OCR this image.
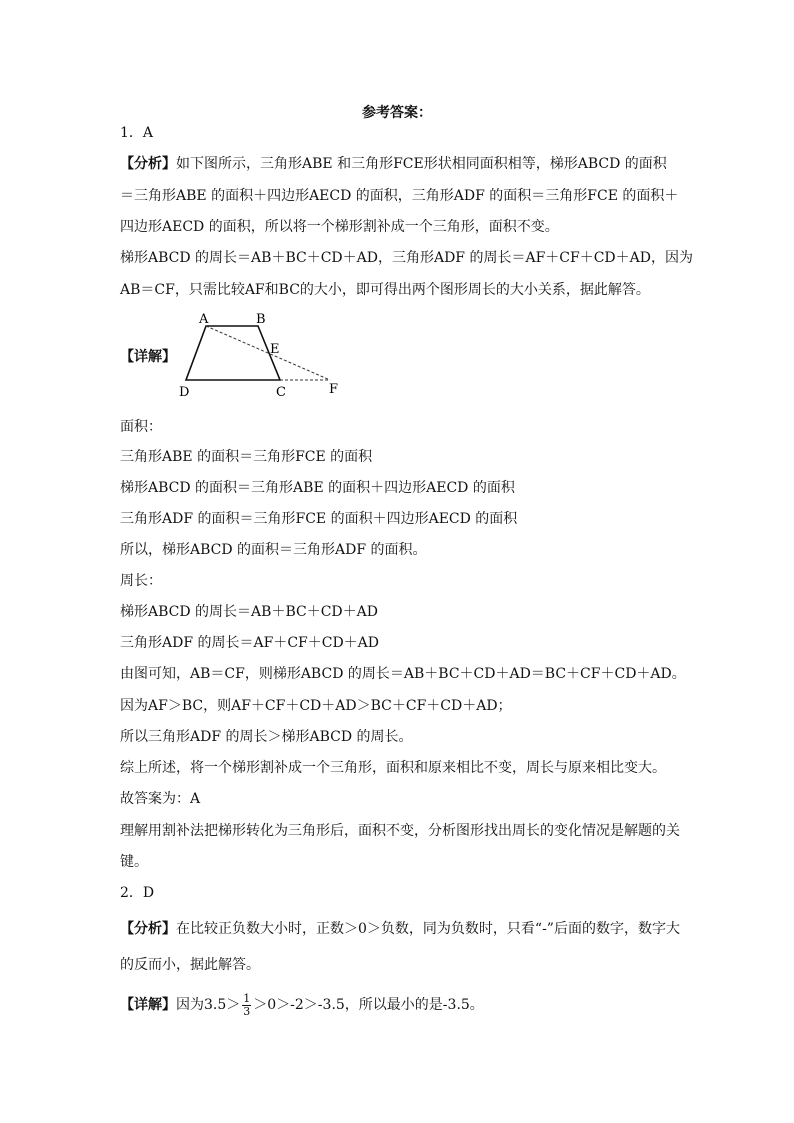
参考答案：
1．A
【分析】如下图所示，三角形ABE 和三角形FCE形状相同面积相等，梯形ABCD 的面积
＝三角形ABE 的面积＋四边形AECD 的面积，三角形ADF 的面积＝三角形FCE 的面积＋
四边形AECD 的面积，所以将一个梯形割补成一个三角形，面积不变。
梯形ABCD 的周长＝AB＋BC＋CD＋AD，三角形ADF 的周长＝AF＋CF＋CD＋AD，因为
AB＝CF，只需比较AF和BC的大小，即可得出两个图形周长的大小关系，据此解答。
【详解】
A	B
E
D	C	F
面积：
三角形ABE 的面积＝三角形FCE 的面积
梯形ABCD 的面积＝三角形ABE 的面积＋四边形AECD 的面积
三角形ADF 的面积＝三角形FCE 的面积＋四边形AECD 的面积
所以，梯形ABCD 的面积＝三角形ADF 的面积。
周长：
梯形ABCD 的周长＝AB＋BC＋CD＋AD
三角形ADF 的周长＝AF＋CF＋CD＋AD
由图可知，AB＝CF，则梯形ABCD 的周长＝AB＋BC＋CD＋AD＝BC＋CF＋CD＋AD。
因为AF＞BC，则AF＋CF＋CD＋AD＞BC＋CF＋CD＋AD；
所以三角形ADF 的周长＞梯形ABCD 的周长。
综上所述，将一个梯形割补成一个三角形，面积和原来相比不变，周长与原来相比变大。
故答案为：A
理解用割补法把梯形转化为三角形后，面积不变，分析图形找出周长的变化情况是解题的关
键。
2．D
【分析】在比较正负数大小时，正数＞0＞负数，同为负数时，只看“-”后面的数字，数字大
的反而小，据此解答。
【详解】因为$3.5> \frac{1}{3} >0>-2>-3.5$，所以最小的是-3.5。
